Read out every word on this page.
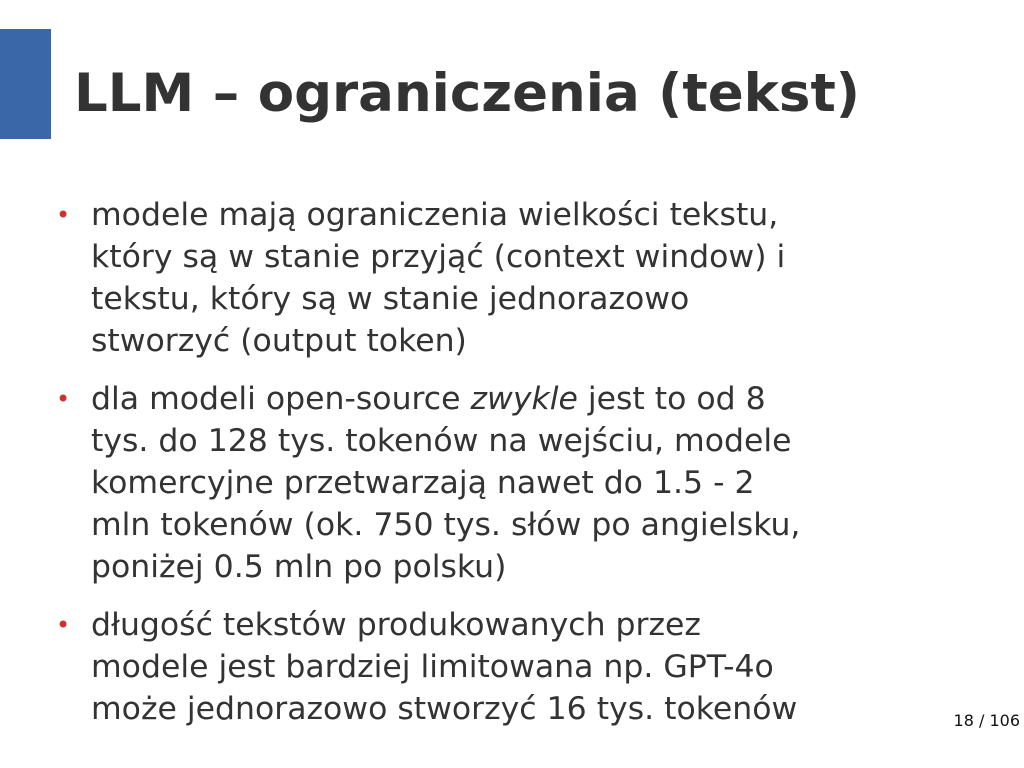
LLM – ograniczenia (tekst)
• modele mają ograniczenia wielkości tekstu,
który są w stanie przyjąć (context window) i
tekstu, który są w stanie jednorazowo
stworzyć (output token)
• dla modeli open-source zwykle jest to od 8
tys. do 128 tys. tokenów na wejściu, modele
komercyjne przetwarzają nawet do 1.5 - 2
mln tokenów (ok. 750 tys. słów po angielsku,
poniżej 0.5 mln po polsku)
• długość tekstów produkowanych przez
modele jest bardziej limitowana np. GPT-4o
może jednorazowo stworzyć 16 tys. tokenów	18 / 106
